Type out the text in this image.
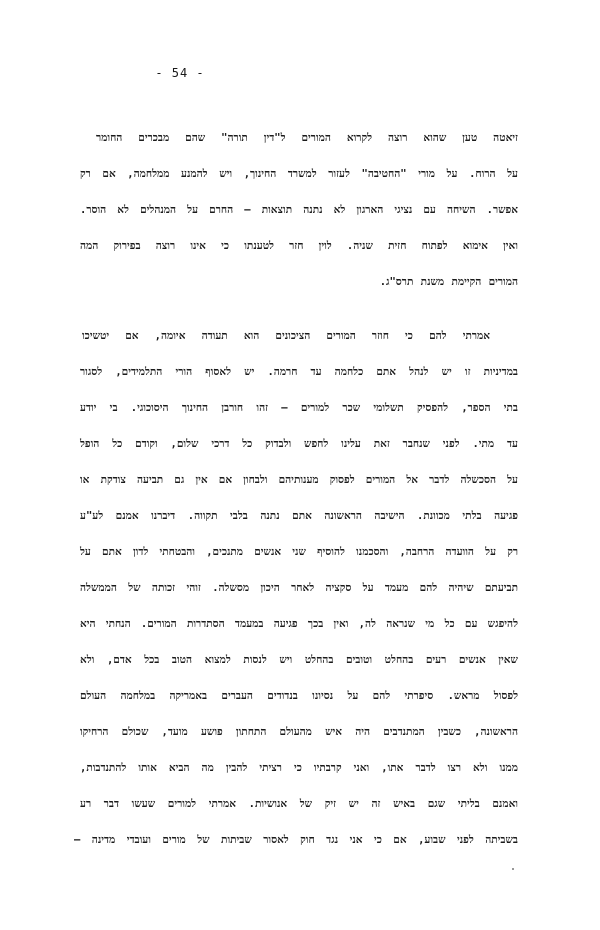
- 54 -
זיאטה טען שהוא רוצה לקרוא המורים ל"דין תורה" שהם מבכרים החומר
על הרוח. על מורי "החטיבה" לעזור למשרד החינוך, ויש להמנע ממלחמה, אם רק
אפשר. השיחה עם נציגי הארגון לא נתנה תוצאות – החרם על המנהלים לא הוסר.
ואין אימוא לפתוח חזית שניה. לוין חזר לטענתו כי אינו רוצה בפירוק המה
המורים הקיימת משנת תרס"ג.
אמרתי להם כי חוזר המורים הציכונים הוא תעודה איומה, אם יטשיכו
במדיניות זו יש לנהל אתם כלחמה עד חרמה. יש לאסוף הורי התלמידים, לסגור
בתי הספר, להפסיק תשלומי שכר למורים – זהו חורבן החינוך היסוכוגי. בי יודע
עד מתי. לפני שנחבר זאת עלינו לחפש ולבדוק כל דרכי שלום, וקודם כל הופל
על הסכשלה לדבר אל המורים לפסוק מענותיהם ולבחון אם אין גם תביעה צודקת או
פגיעה בלתי מכוונת. הישיבה הראשונה אתם נתנה בלבי תקווה. דיברנו אמנם לע"ע
רק על הוועדה הרחבה, והסכמנו להוסיף שני אנשים מתנכים, והבטחתי לדון אתם על
תביעתם שיהיה להם מעמד על סקציה לאחר היכון מסשלה. זוהי זכותה של הממשלה
להיפגש עם כל מי שנראה לה, ואין בכך פגיעה במעמד הסתדרות המורים. הנחתי היא
שאין אנשים רעים בהחלט וטובים בהחלט ויש לנסות למצוא הטוב בכל אדם, ולא
לפסול מראש. סיפרתי להם על נסיונו בנדודים העברים באמריקה במלחמה העולם
הראשונה, כשבין המתנדבים היה איש מהעולם התחתון פושע מועד, שכולם הרחיקו
ממנו ולא רצו לדבר אתו, ואני קרבתיו כי רציתי להבין מה הביא אותו להתנדבות,
ואמנם בליתי שגם באיש זה יש זיק של אנושיות. אמרתי למורים שעשו דבר רע
בשביתה לפני שבוע, אם כי אני נגד חוק לאסור שביתות של מורים ועובדי מדינה –
